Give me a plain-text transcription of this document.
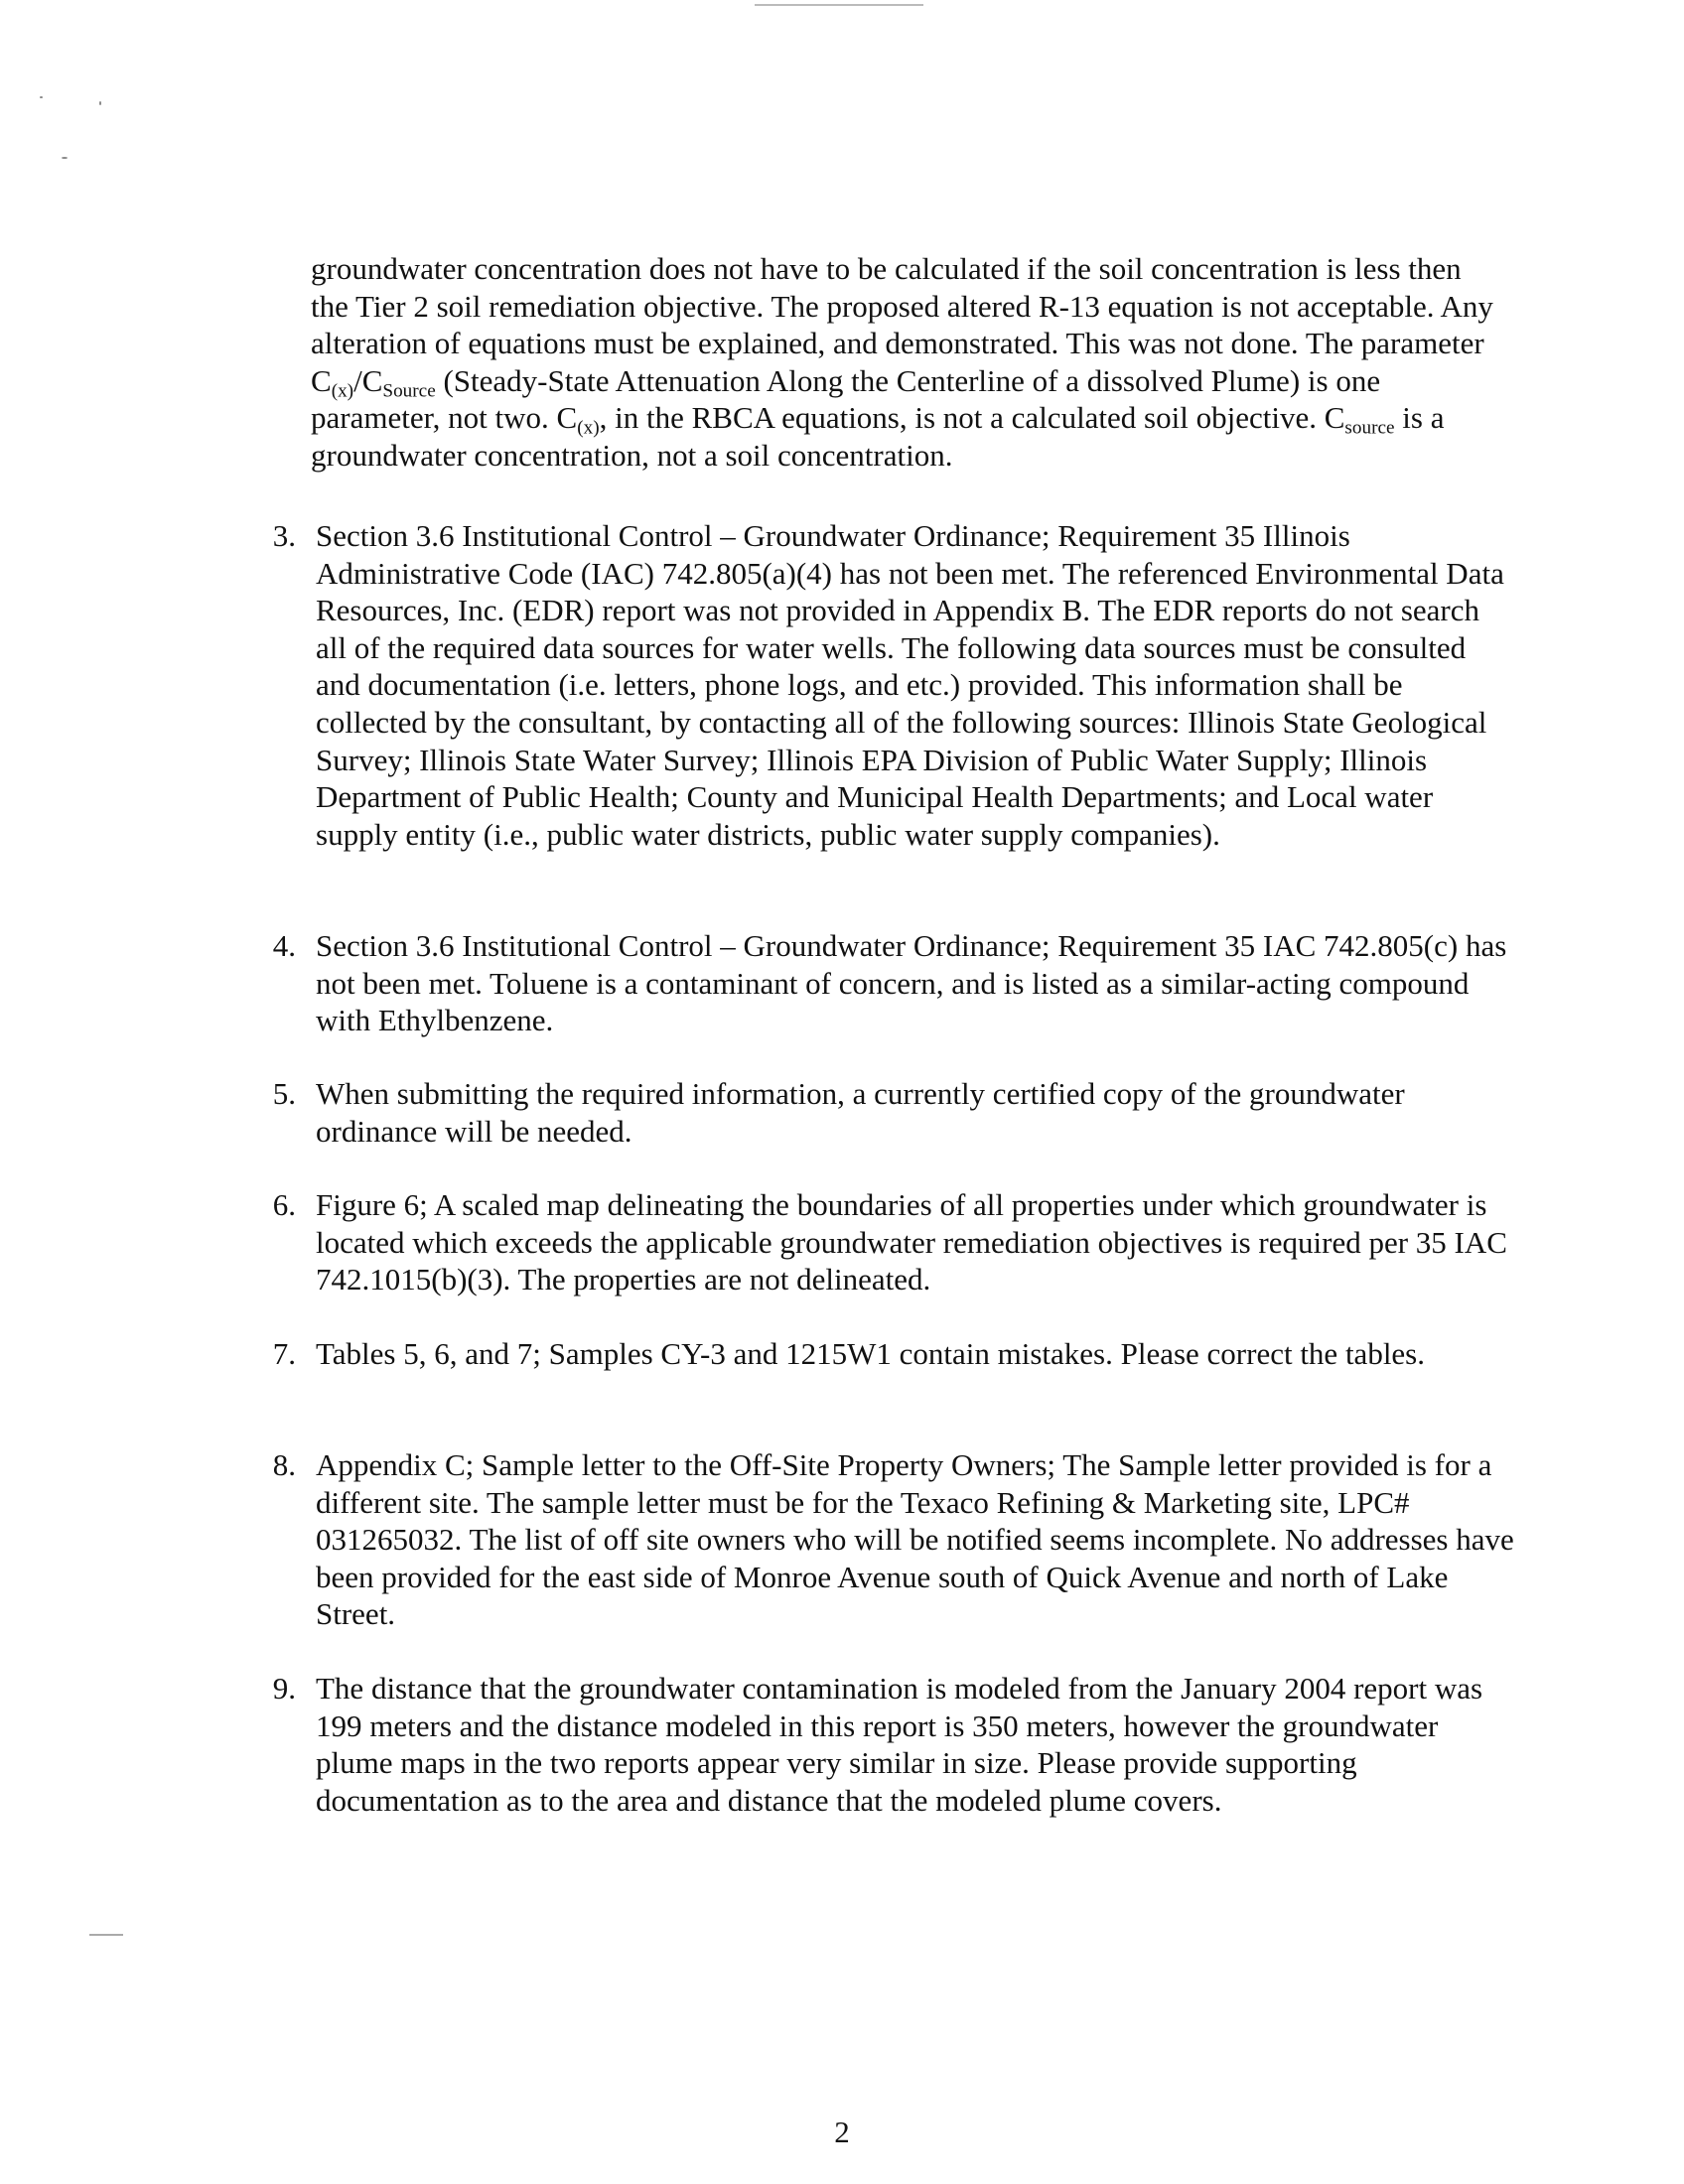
groundwater concentration does not have to be calculated if the soil concentration is less then the Tier 2 soil remediation objective. The proposed altered R-13 equation is not acceptable. Any alteration of equations must be explained, and demonstrated. This was not done. The parameter $C_{(x)}/C_{Source}$ (Steady-State Attenuation Along the Centerline of a dissolved Plume) is one parameter, not two. $C_{(x)}$, in the RBCA equations, is not a calculated soil objective. $C_{source}$ is a groundwater concentration, not a soil concentration.

3. Section 3.6 Institutional Control – Groundwater Ordinance; Requirement 35 Illinois Administrative Code (IAC) 742.805(a)(4) has not been met. The referenced Environmental Data Resources, Inc. (EDR) report was not provided in Appendix B. The EDR reports do not search all of the required data sources for water wells. The following data sources must be consulted and documentation (i.e. letters, phone logs, and etc.) provided. This information shall be collected by the consultant, by contacting all of the following sources: Illinois State Geological Survey; Illinois State Water Survey; Illinois EPA Division of Public Water Supply; Illinois Department of Public Health; County and Municipal Health Departments; and Local water supply entity (i.e., public water districts, public water supply companies).

4. Section 3.6 Institutional Control – Groundwater Ordinance; Requirement 35 IAC 742.805(c) has not been met. Toluene is a contaminant of concern, and is listed as a similar-acting compound with Ethylbenzene.

5. When submitting the required information, a currently certified copy of the groundwater ordinance will be needed.

6. Figure 6; A scaled map delineating the boundaries of all properties under which groundwater is located which exceeds the applicable groundwater remediation objectives is required per 35 IAC 742.1015(b)(3). The properties are not delineated.

7. Tables 5, 6, and 7; Samples CY-3 and 1215W1 contain mistakes. Please correct the tables.

8. Appendix C; Sample letter to the Off-Site Property Owners; The Sample letter provided is for a different site. The sample letter must be for the Texaco Refining & Marketing site, LPC# 031265032. The list of off site owners who will be notified seems incomplete. No addresses have been provided for the east side of Monroe Avenue south of Quick Avenue and north of Lake Street.

9. The distance that the groundwater contamination is modeled from the January 2004 report was 199 meters and the distance modeled in this report is 350 meters, however the groundwater plume maps in the two reports appear very similar in size. Please provide supporting documentation as to the area and distance that the modeled plume covers.

2
